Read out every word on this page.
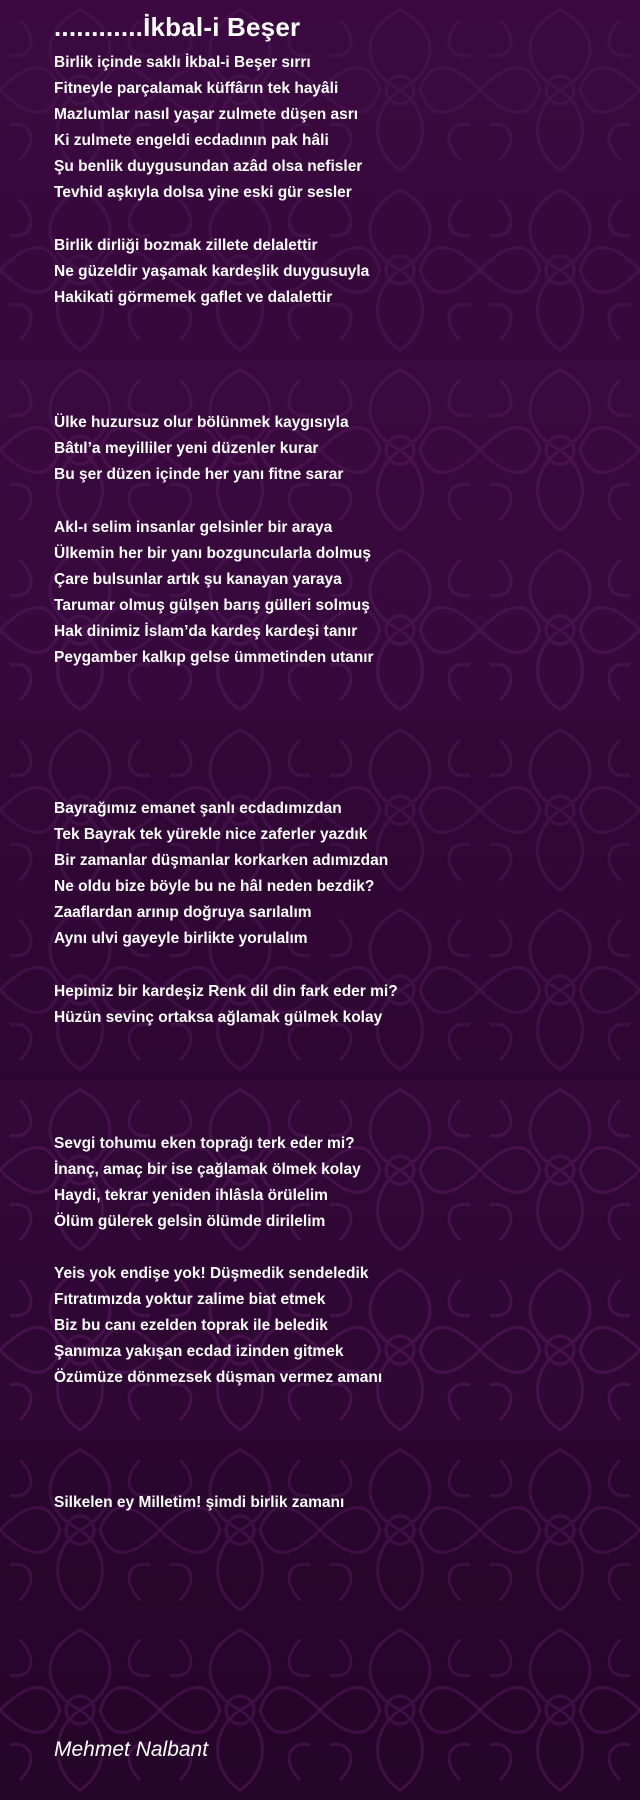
............İkbal-i Beşer
Birlik içinde saklı İkbal-i Beşer sırrı
Fitneyle parçalamak küffârın tek hayâli
Mazlumlar nasıl yaşar zulmete düşen asrı
Ki zulmete engeldi ecdadının pak hâli
Şu benlik duygusundan azâd olsa nefisler
Tevhid aşkıyla dolsa yine eski gür sesler
Birlik dirliği bozmak zillete delalettir
Ne güzeldir yaşamak kardeşlik duygusuyla
Hakikati görmemek gaflet ve dalalettir
Ülke huzursuz olur bölünmek kaygısıyla
Bâtıl’a meyilliler yeni düzenler kurar
Bu şer düzen içinde her yanı fitne sarar
Akl-ı selim insanlar gelsinler bir araya
Ülkemin her bir yanı bozguncularla dolmuş
Çare bulsunlar artık şu kanayan yaraya
Tarumar olmuş gülşen barış gülleri solmuş
Hak dinimiz İslam’da kardeş kardeşi tanır
Peygamber kalkıp gelse ümmetinden utanır
Bayrağımız emanet şanlı ecdadımızdan
Tek Bayrak tek yürekle nice zaferler yazdık
Bir zamanlar düşmanlar korkarken adımızdan
Ne oldu bize böyle bu ne hâl neden bezdik?
Zaaflardan arınıp doğruya sarılalım
Aynı ulvi gayeyle birlikte yorulalım
Hepimiz bir kardeşiz Renk dil din fark eder mi?
Hüzün sevinç ortaksa ağlamak gülmek kolay
Sevgi tohumu eken toprağı terk eder mi?
İnanç, amaç bir ise çağlamak ölmek kolay
Haydi, tekrar yeniden ihlâsla örülelim
Ölüm gülerek gelsin ölümde dirilelim
Yeis yok endişe yok! Düşmedik sendeledik
Fıtratımızda yoktur zalime biat etmek
Biz bu canı ezelden toprak ile beledik
Şanımıza yakışan ecdad izinden gitmek
Özümüze dönmezsek düşman vermez amanı
Silkelen ey Milletim! şimdi birlik zamanı
Mehmet Nalbant
